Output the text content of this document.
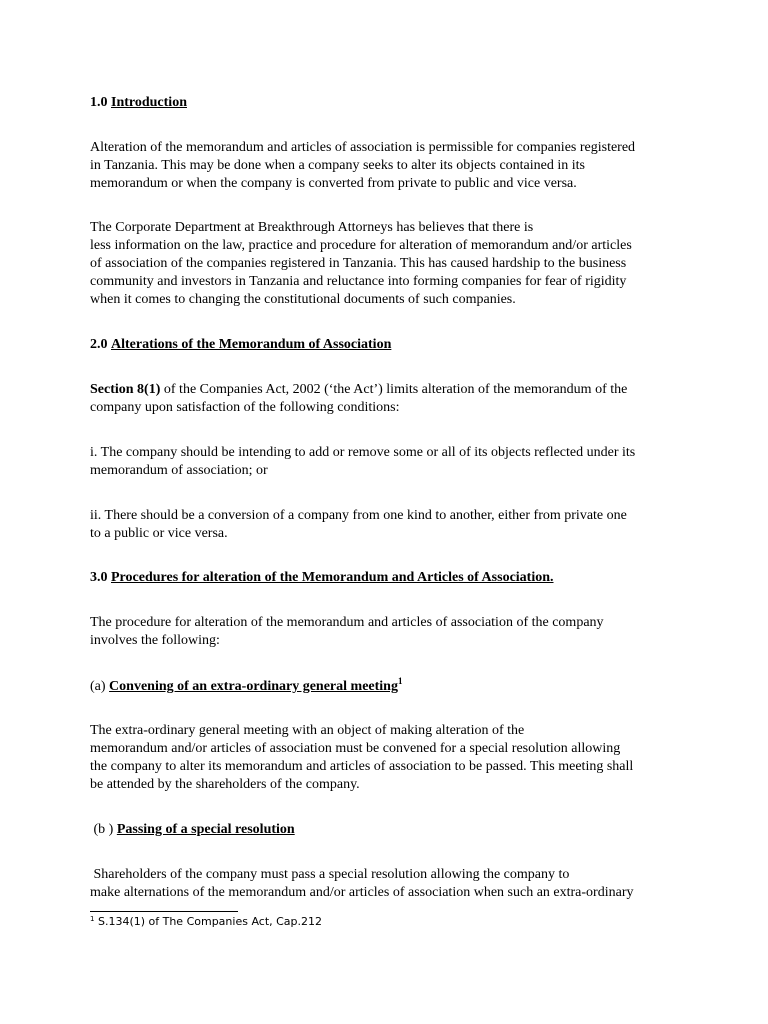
1.0 Introduction

Alteration of the memorandum and articles of association is permissible for companies registered
in Tanzania. This may be done when a company seeks to alter its objects contained in its
memorandum or when the company is converted from private to public and vice versa.

The Corporate Department at Breakthrough Attorneys has believes that there is
less information on the law, practice and procedure for alteration of memorandum and/or articles
of association of the companies registered in Tanzania. This has caused hardship to the business
community and investors in Tanzania and reluctance into forming companies for fear of rigidity
when it comes to changing the constitutional documents of such companies.

2.0 Alterations of the Memorandum of Association

Section 8(1) of the Companies Act, 2002 (‘the Act’) limits alteration of the memorandum of the
company upon satisfaction of the following conditions:

i. The company should be intending to add or remove some or all of its objects reflected under its
memorandum of association; or

ii. There should be a conversion of a company from one kind to another, either from private one
to a public or vice versa.

3.0 Procedures for alteration of the Memorandum and Articles of Association.

The procedure for alteration of the memorandum and articles of association of the company
involves the following:

(a) Convening of an extra-ordinary general meeting$^1$

The extra-ordinary general meeting with an object of making alteration of the
memorandum and/or articles of association must be convened for a special resolution allowing
the company to alter its memorandum and articles of association to be passed. This meeting shall
be attended by the shareholders of the company.

(b ) Passing of a special resolution

Shareholders of the company must pass a special resolution allowing the company to
make alternations of the memorandum and/or articles of association when such an extra-ordinary

$^1$ S.134(1) of The Companies Act, Cap.212
